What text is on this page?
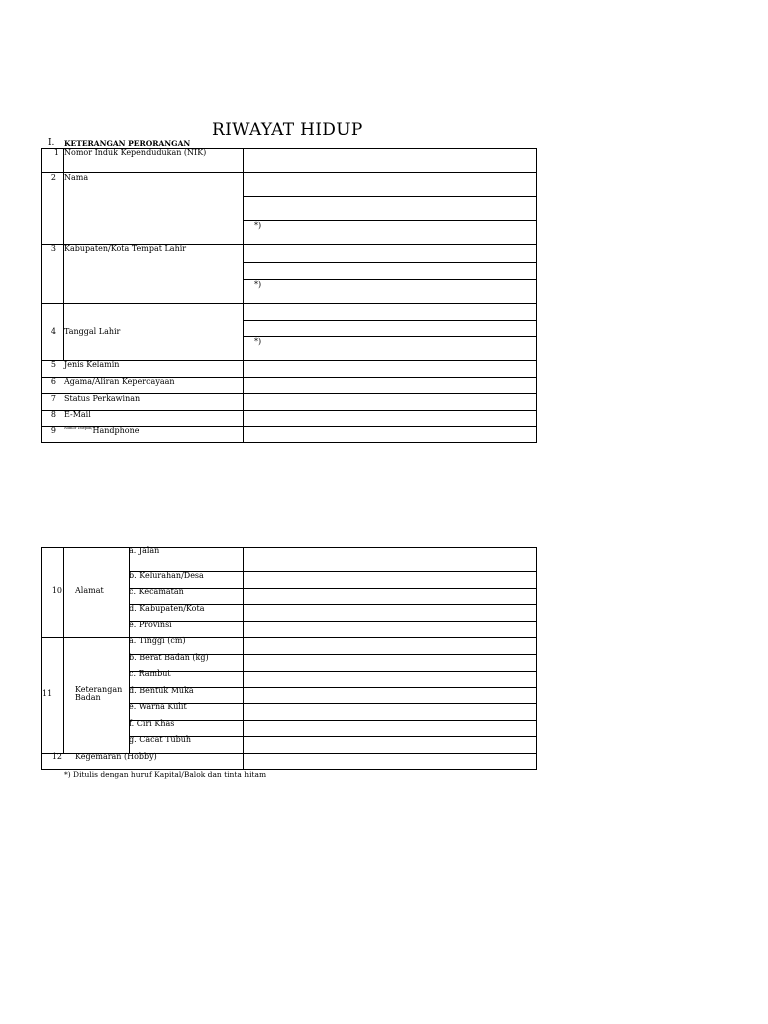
RIWAYAT HIDUP
I. KETERANGAN PERORANGAN
1 Nomor Induk Kependudukan (NIK)
2 Nama
*)
3 Kabupaten/Kota Tempat Lahir
*)
4 Tanggal Lahir
*)
5 Jenis Kelamin
6 Agama/Aliran Kepercayaan
7 Status Perkawinan
8 E-Mail
9 $^{Nomor Telepon/}$Handphone
10 Alamat
a. Jalan
b. Kelurahan/Desa
c. Kecamatan
d. Kabupaten/Kota
e. Provinsi
11	Keterangan
Badan
a. Tinggi (cm)
b. Berat Badan (kg)
c. Rambut
d. Bentuk Muka
e. Warna Kulit
f. Ciri Khas
g. Cacat Tubuh
12 Kegemaran (Hobby)
*) Ditulis dengan huruf Kapital/Balok dan tinta hitam
